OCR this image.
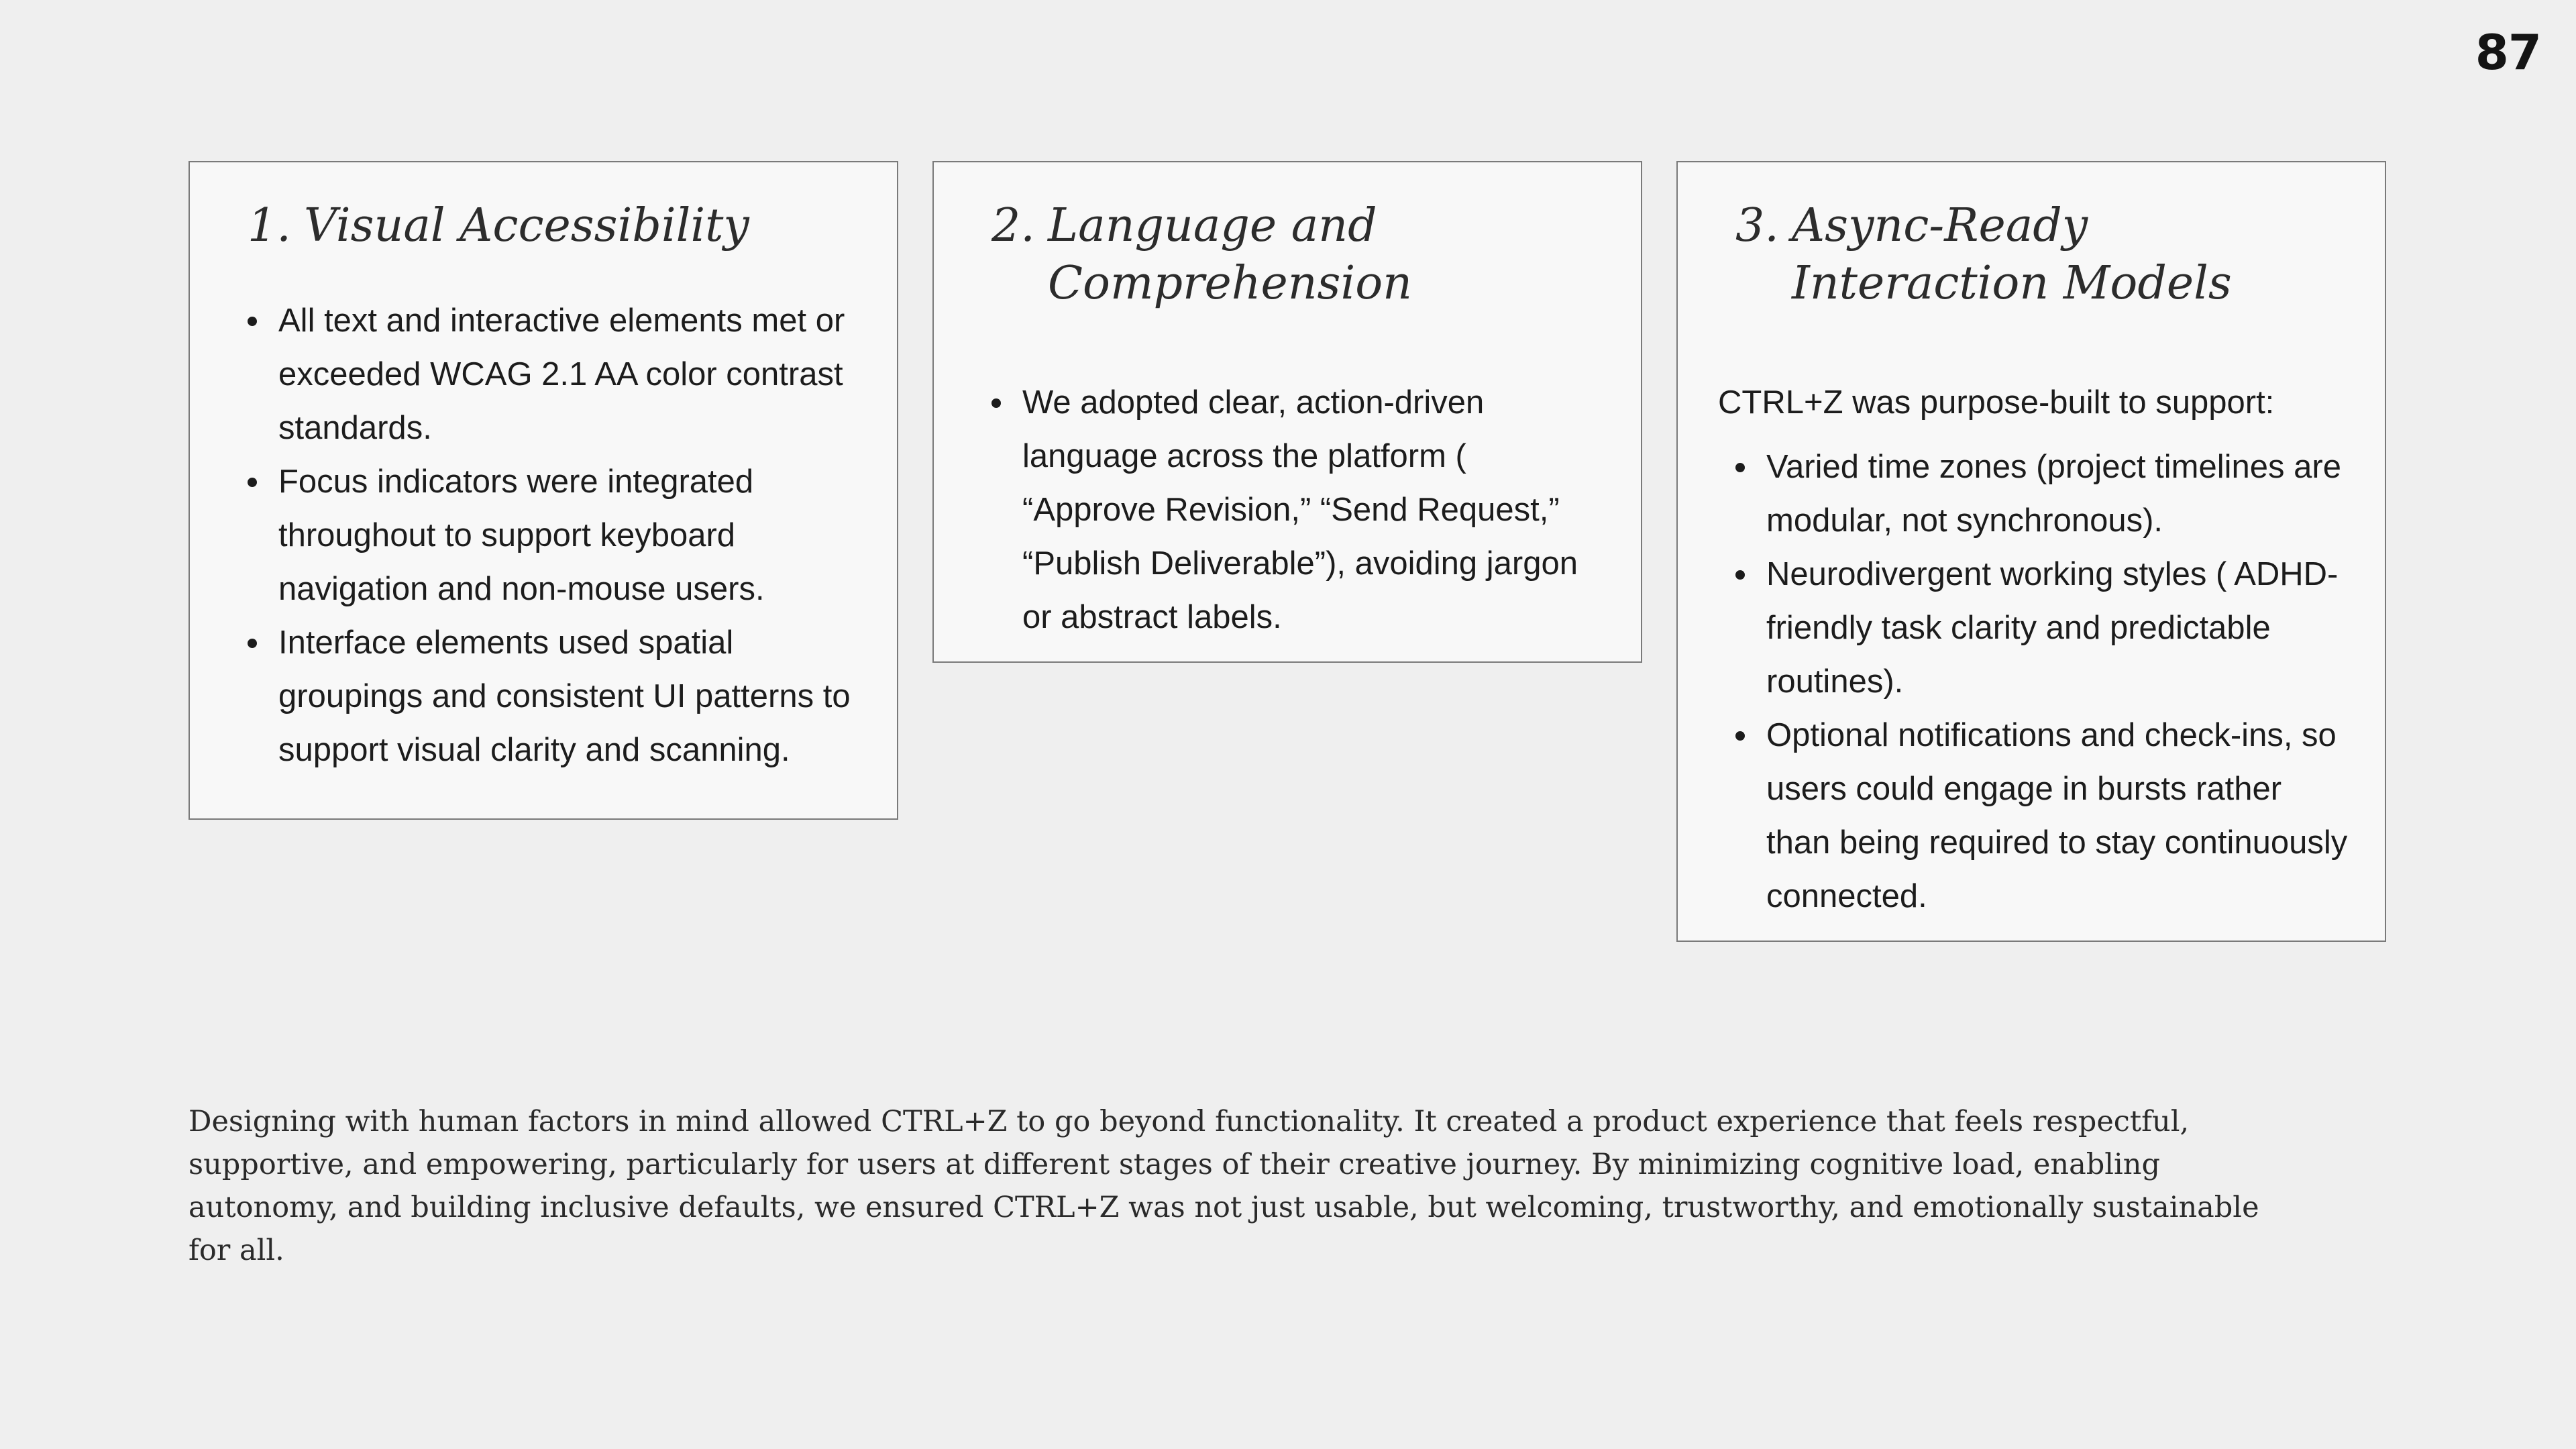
87
1. Visual Accessibility
All text and interactive elements met or exceeded WCAG 2.1 AA color contrast standards.
Focus indicators were integrated throughout to support keyboard navigation and non-mouse users.
Interface elements used spatial groupings and consistent UI patterns to support visual clarity and scanning.
2. Language and Comprehension
We adopted clear, action-driven language across the platform ( “Approve Revision,” “Send Request,” “Publish Deliverable”), avoiding jargon or abstract labels.
3. Async-Ready Interaction Models

CTRL+Z was purpose-built to support:

Varied time zones (project timelines are modular, not synchronous).
Neurodivergent working styles ( ADHD-friendly task clarity and predictable routines).
Optional notifications and check-ins, so users could engage in bursts rather than being required to stay continuously connected.

Designing with human factors in mind allowed CTRL+Z to go beyond functionality. It created a product experience that feels respectful, supportive, and empowering, particularly for users at different stages of their creative journey. By minimizing cognitive load, enabling autonomy, and building inclusive defaults, we ensured CTRL+Z was not just usable, but welcoming, trustworthy, and emotionally sustainable for all.
